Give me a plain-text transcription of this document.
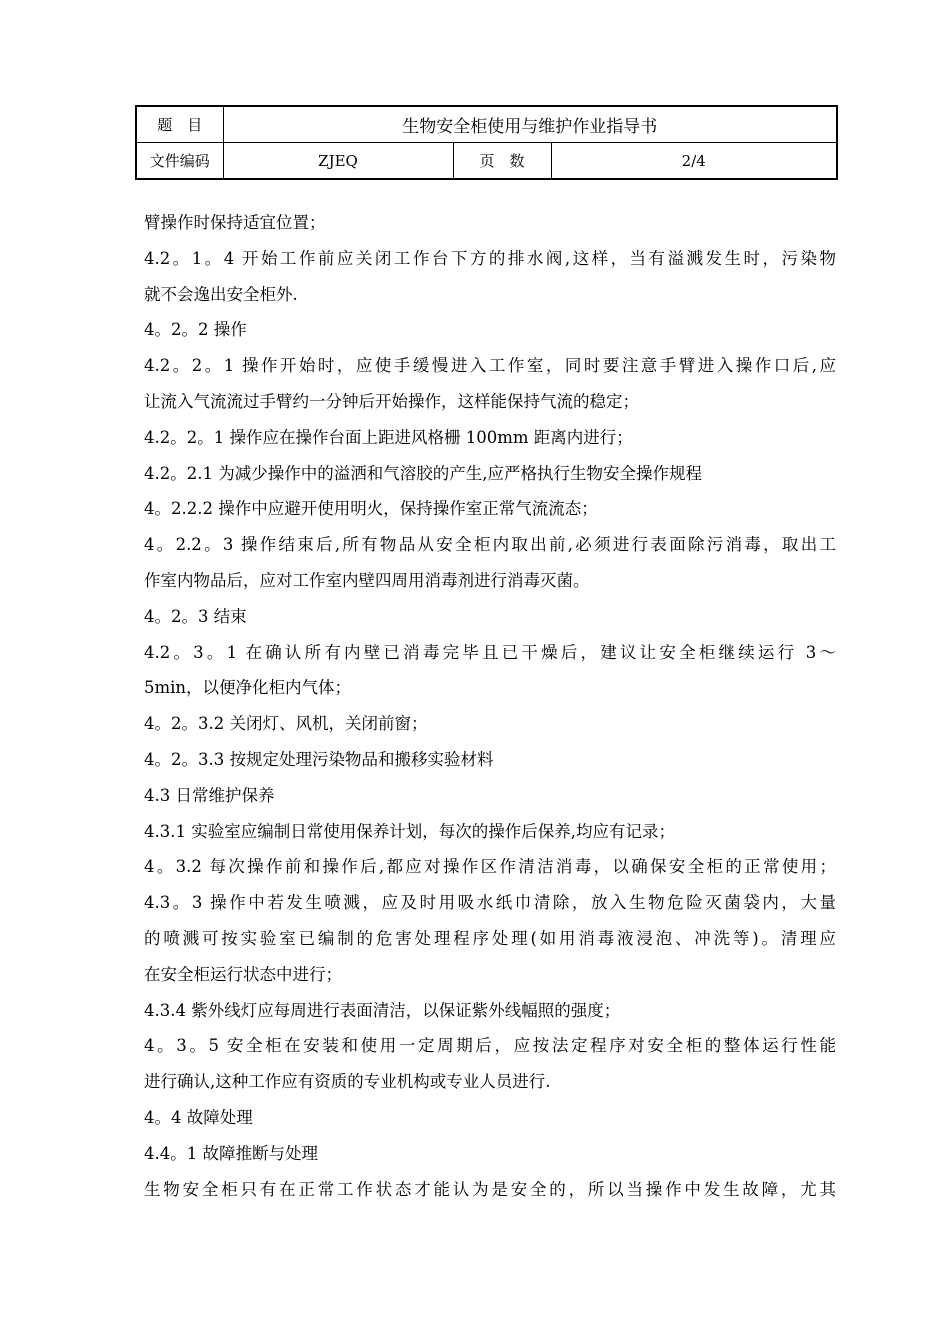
题　目	生物安全柜使用与维护作业指导书		
文件编码	ZJEQ	页　数	2/4
臂操作时保持适宜位置；
4.2。1。4 开始工作前应关闭工作台下方的排水阀,这样，当有溢溅发生时，污染物
就不会逸出安全柜外.
4。2。2 操作
4.2。2。1 操作开始时，应使手缓慢进入工作室，同时要注意手臂进入操作口后,应
让流入气流流过手臂约一分钟后开始操作，这样能保持气流的稳定；
4.2。2。1 操作应在操作台面上距进风格栅 100mm 距离内进行；
4.2。2.1 为减少操作中的溢洒和气溶胶的产生,应严格执行生物安全操作规程
4。2.2.2 操作中应避开使用明火，保持操作室正常气流流态；
4。2.2。3 操作结束后,所有物品从安全柜内取出前,必须进行表面除污消毒，取出工
作室内物品后，应对工作室内壁四周用消毒剂进行消毒灭菌。
4。2。3 结束
4.2。3。1 在确认所有内壁已消毒完毕且已干燥后，建议让安全柜继续运行 3～
5min，以便净化柜内气体；
4。2。3.2 关闭灯、风机，关闭前窗；
4。2。3.3 按规定处理污染物品和搬移实验材料
4.3 日常维护保养
4.3.1 实验室应编制日常使用保养计划，每次的操作后保养,均应有记录；
4。3.2 每次操作前和操作后,都应对操作区作清洁消毒，以确保安全柜的正常使用；
4.3。3 操作中若发生喷溅，应及时用吸水纸巾清除，放入生物危险灭菌袋内，大量
的喷溅可按实验室已编制的危害处理程序处理(如用消毒液浸泡、冲洗等)。清理应
在安全柜运行状态中进行；
4.3.4 紫外线灯应每周进行表面清洁，以保证紫外线幅照的强度；
4。3。5 安全柜在安装和使用一定周期后，应按法定程序对安全柜的整体运行性能
进行确认,这种工作应有资质的专业机构或专业人员进行.
4。4 故障处理
4.4。1 故障推断与处理
生物安全柜只有在正常工作状态才能认为是安全的，所以当操作中发生故障，尤其
